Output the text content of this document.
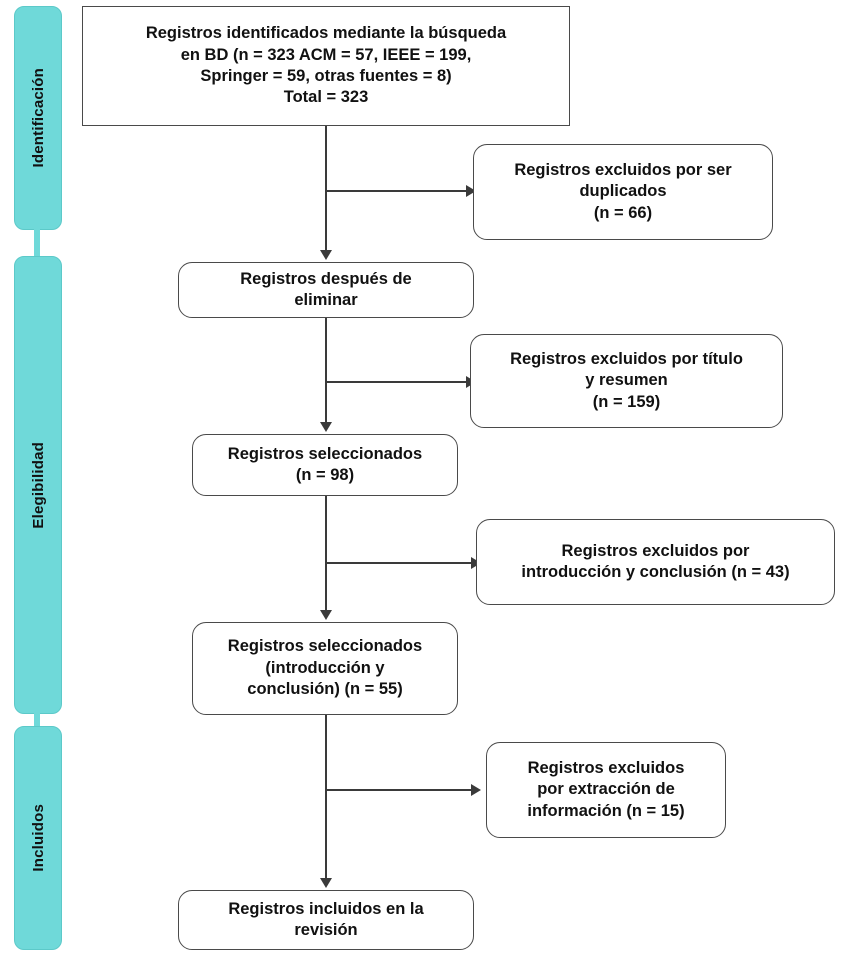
Identificación
Elegibilidad
Incluidos
Registros identificados mediante la búsqueda
en BD (n = 323 ACM = 57, IEEE = 199,
Springer = 59, otras fuentes = 8)
Total = 323
Registros después de
eliminar
Registros seleccionados
(n = 98)
Registros seleccionados
(introducción y
conclusión) (n = 55)
Registros incluidos en la
revisión
Registros excluidos por ser
duplicados
(n = 66)
Registros excluidos por título
y resumen
(n = 159)
Registros excluidos por
introducción y conclusión (n = 43)
Registros excluidos
por extracción de
información (n = 15)
